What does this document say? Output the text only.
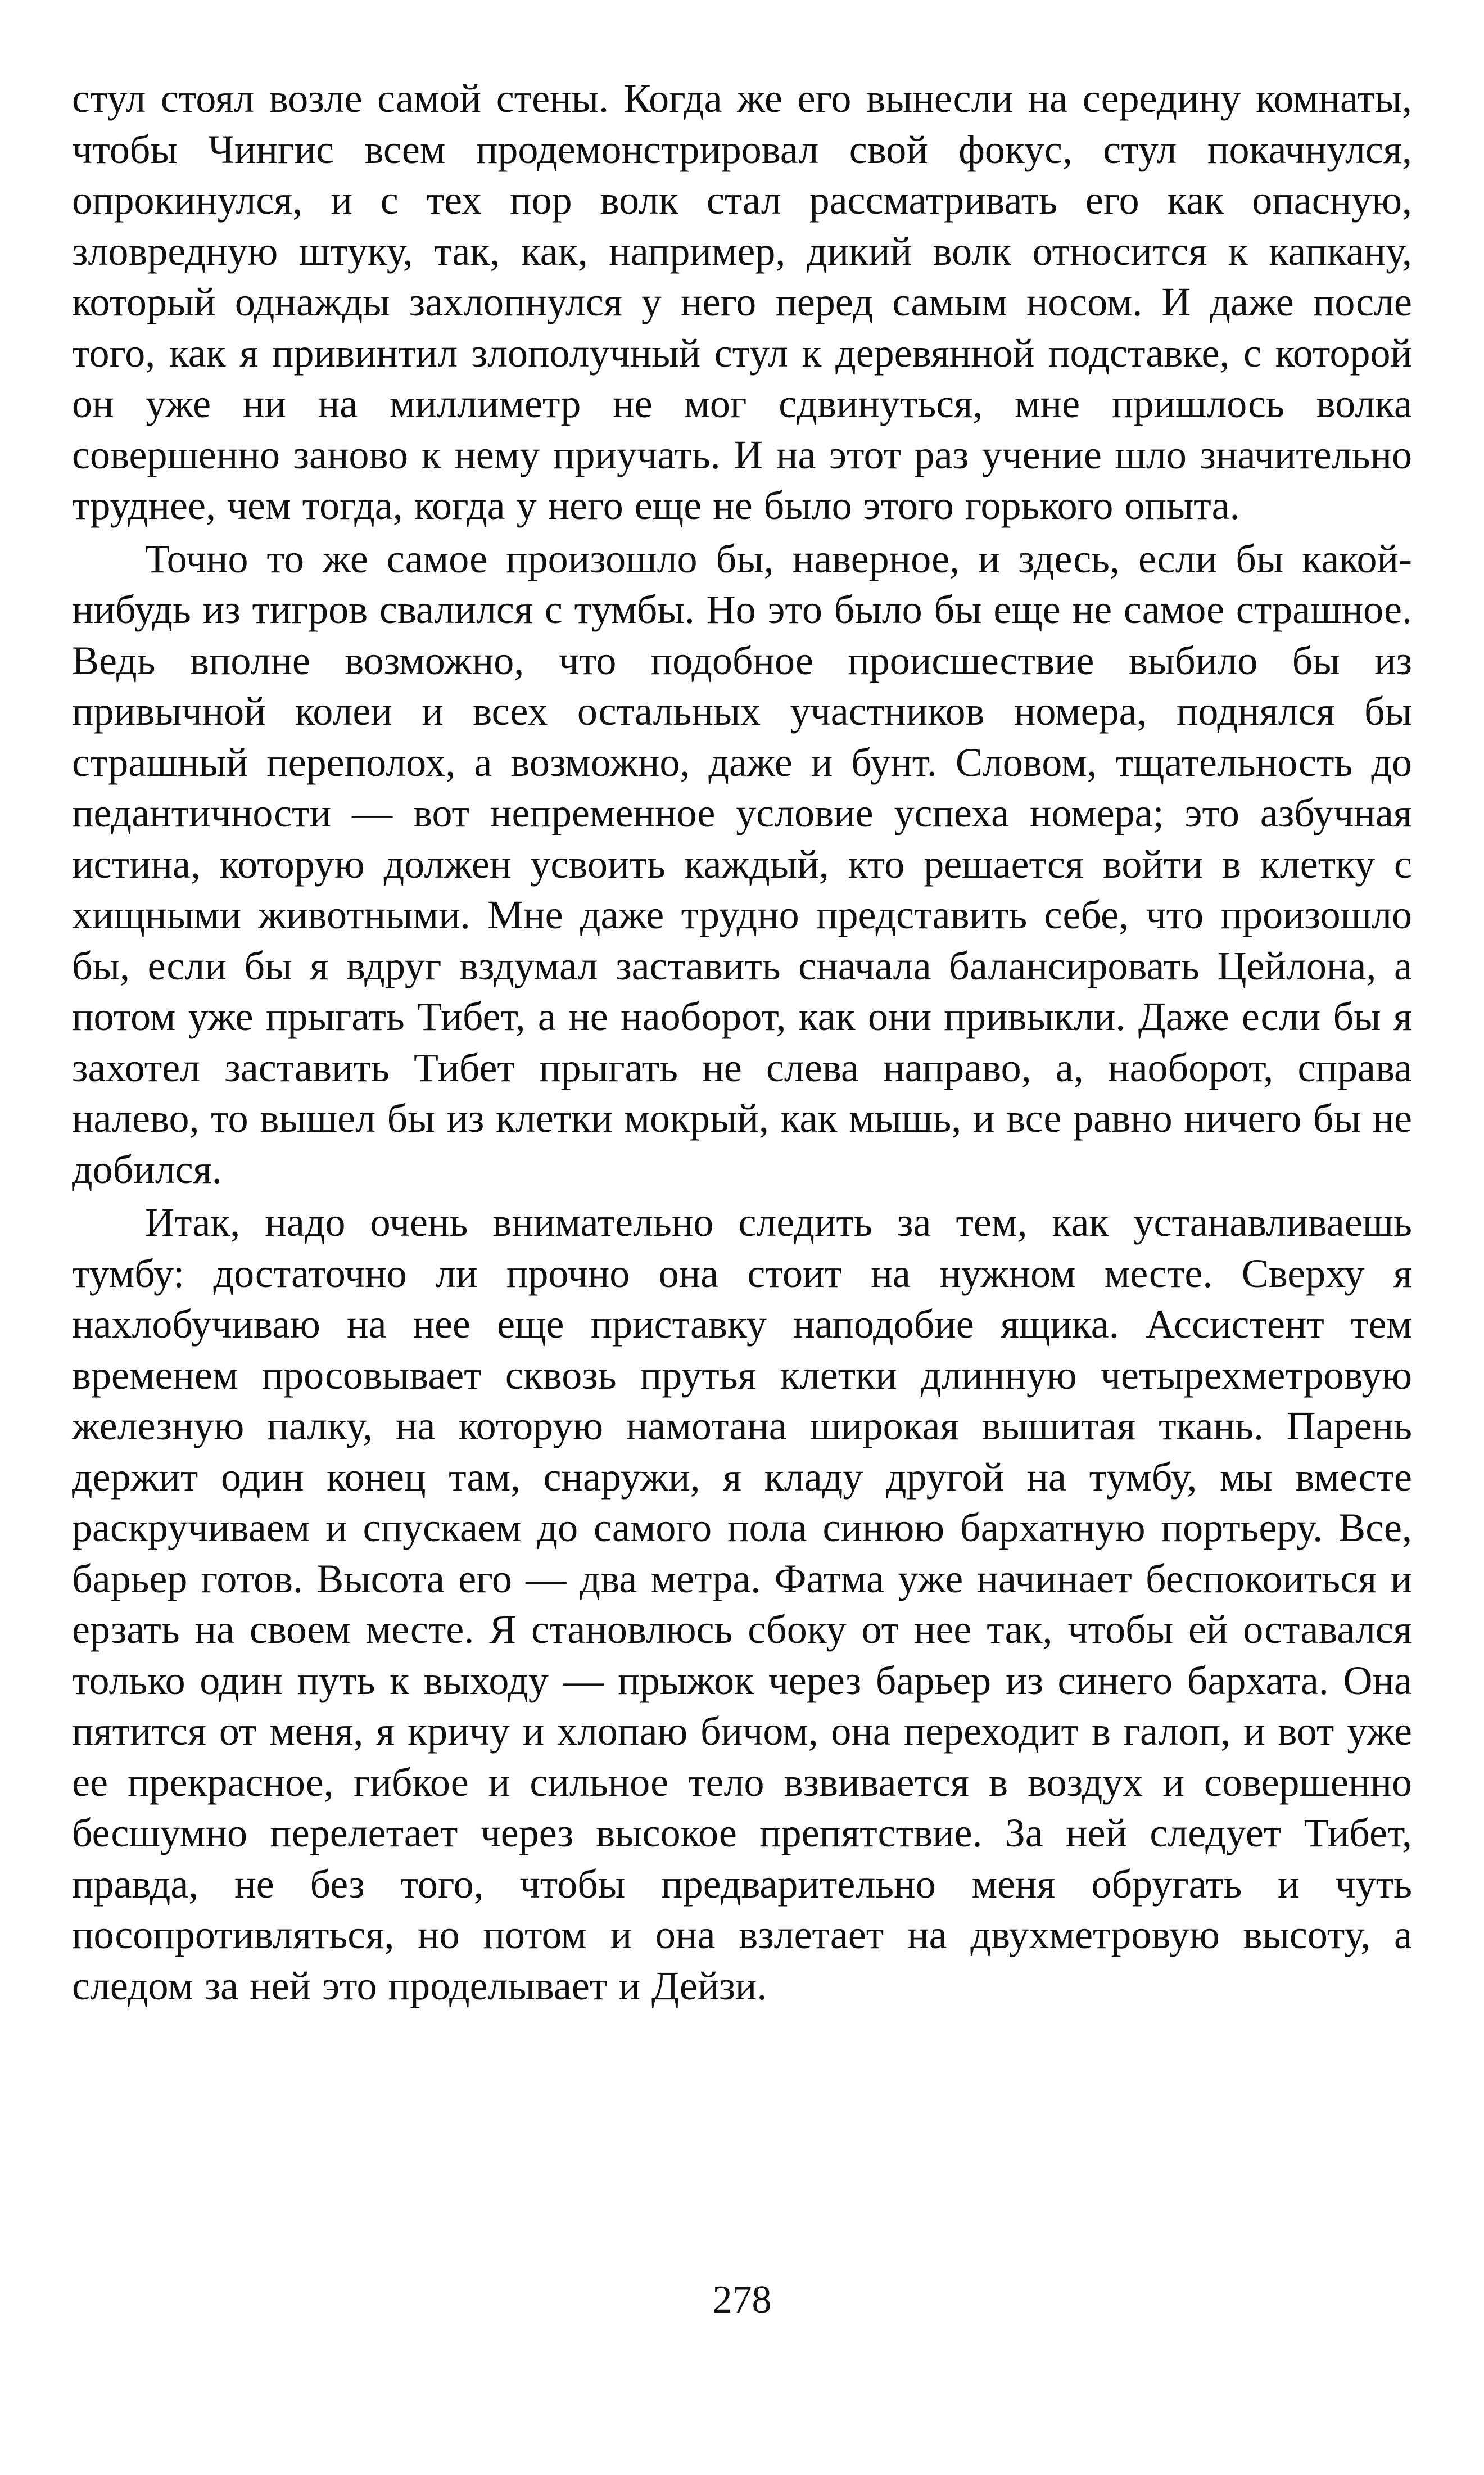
стул стоял возле самой стены. Когда же его вынесли на середину комнаты, чтобы Чингис всем продемонстрировал свой фокус, стул покачнулся, опрокинулся, и с тех пор волк стал рассматривать его как опасную, зловредную штуку, так, как, например, дикий волк относится к капкану, который однажды захлопнулся у него перед самым носом. И даже после того, как я привинтил злополучный стул к деревянной подставке, с которой он уже ни на миллиметр не мог сдвинуться, мне пришлось волка совершенно заново к нему приучать. И на этот раз учение шло значительно труднее, чем тогда, когда у него еще не было этого горького опыта.

Точно то же самое произошло бы, наверное, и здесь, если бы какой-нибудь из тигров свалился с тумбы. Но это было бы еще не самое страшное. Ведь вполне возможно, что подобное происшествие выбило бы из привычной колеи и всех остальных участников номера, поднялся бы страшный переполох, а возможно, даже и бунт. Словом, тщательность до педантичности — вот непременное условие успеха номера; это азбучная истина, которую должен усвоить каждый, кто решается войти в клетку с хищными животными. Мне даже трудно представить себе, что произошло бы, если бы я вдруг вздумал заставить сначала балансировать Цейлона, а потом уже прыгать Тибет, а не наоборот, как они привыкли. Даже если бы я захотел заставить Тибет прыгать не слева направо, а, наоборот, справа налево, то вышел бы из клетки мокрый, как мышь, и все равно ничего бы не добился.

Итак, надо очень внимательно следить за тем, как устанавливаешь тумбу: достаточно ли прочно она стоит на нужном месте. Сверху я нахлобучиваю на нее еще приставку наподобие ящика. Ассистент тем временем просовывает сквозь прутья клетки длинную четырехметровую железную палку, на которую намотана широкая вышитая ткань. Парень держит один конец там, снаружи, я кладу другой на тумбу, мы вместе раскручиваем и спускаем до самого пола синюю бархатную портьеру. Все, барьер готов. Высота его — два метра. Фатма уже начинает беспокоиться и ерзать на своем месте. Я становлюсь сбоку от нее так, чтобы ей оставался только один путь к выходу — прыжок через барьер из синего бархата. Она пятится от меня, я кричу и хлопаю бичом, она переходит в галоп, и вот уже ее прекрасное, гибкое и сильное тело взвивается в воздух и совершенно бесшумно перелетает через высокое препятствие. За ней следует Тибет, правда, не без того, чтобы предварительно меня обругать и чуть посопротивляться, но потом и она взлетает на двухметровую высоту, а следом за ней это проделывает и Дейзи.

278
